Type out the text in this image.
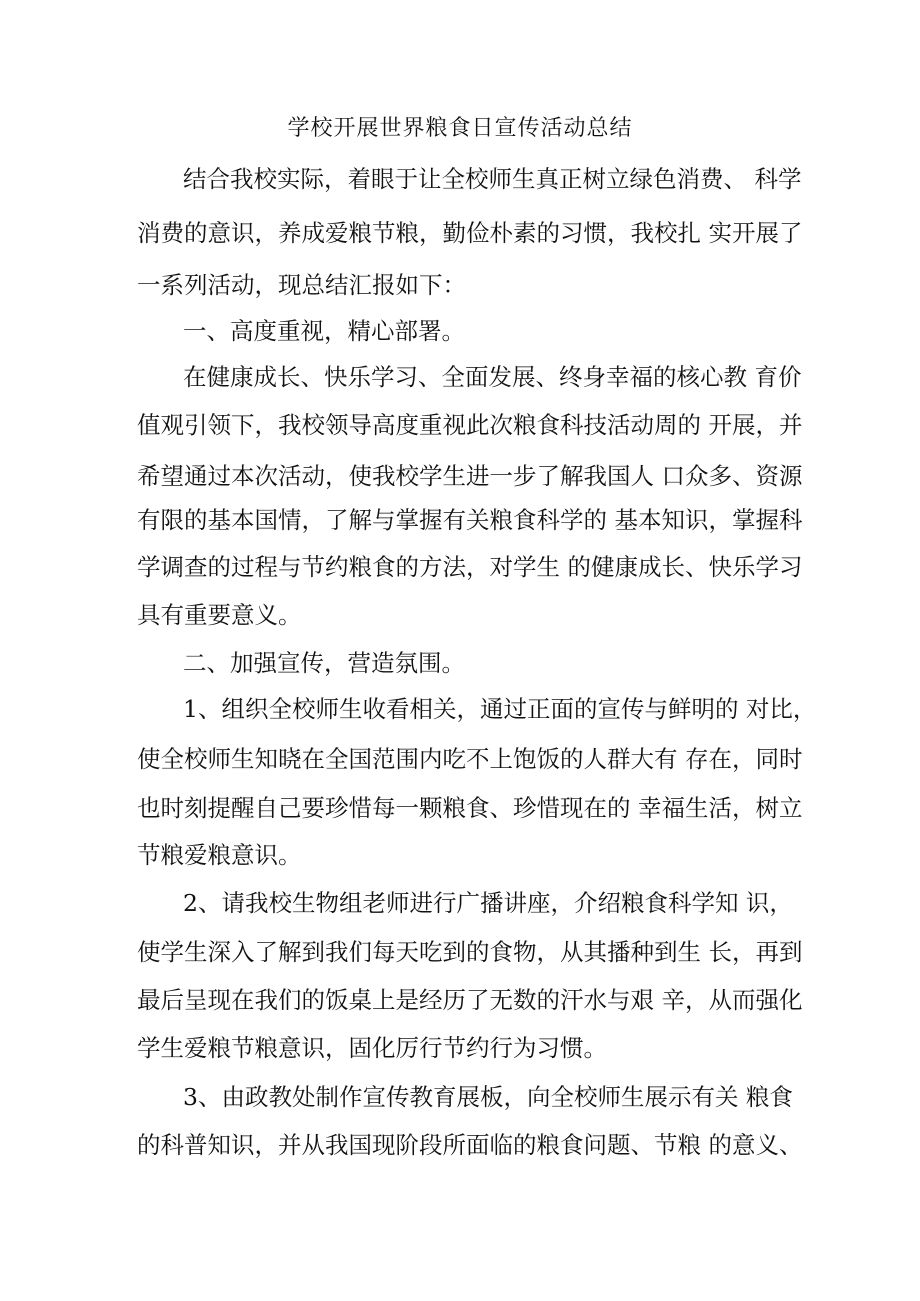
学校开展世界粮食日宣传活动总结
结合我校实际，着眼于让全校师生真正树立绿色消费、 科学
消费的意识，养成爱粮节粮，勤俭朴素的习惯，我校扎 实开展了
一系列活动，现总结汇报如下：
一、高度重视，精心部署。
在健康成长、快乐学习、全面发展、终身幸福的核心教 育价
值观引领下，我校领导高度重视此次粮食科技活动周的 开展，并
希望通过本次活动，使我校学生进一步了解我国人 口众多、资源
有限的基本国情，了解与掌握有关粮食科学的 基本知识，掌握科
学调查的过程与节约粮食的方法，对学生 的健康成长、快乐学习
具有重要意义。
二、加强宣传，营造氛围。
1、组织全校师生收看相关，通过正面的宣传与鲜明的 对比，
使全校师生知晓在全国范围内吃不上饱饭的人群大有 存在，同时
也时刻提醒自己要珍惜每一颗粮食、珍惜现在的 幸福生活，树立
节粮爱粮意识。
2、请我校生物组老师进行广播讲座，介绍粮食科学知 识，
使学生深入了解到我们每天吃到的食物，从其播种到生 长，再到
最后呈现在我们的饭桌上是经历了无数的汗水与艰 辛，从而强化
学生爱粮节粮意识，固化厉行节约行为习惯。
3、由政教处制作宣传教育展板，向全校师生展示有关 粮食
的科普知识，并从我国现阶段所面临的粮食问题、节粮 的意义、
